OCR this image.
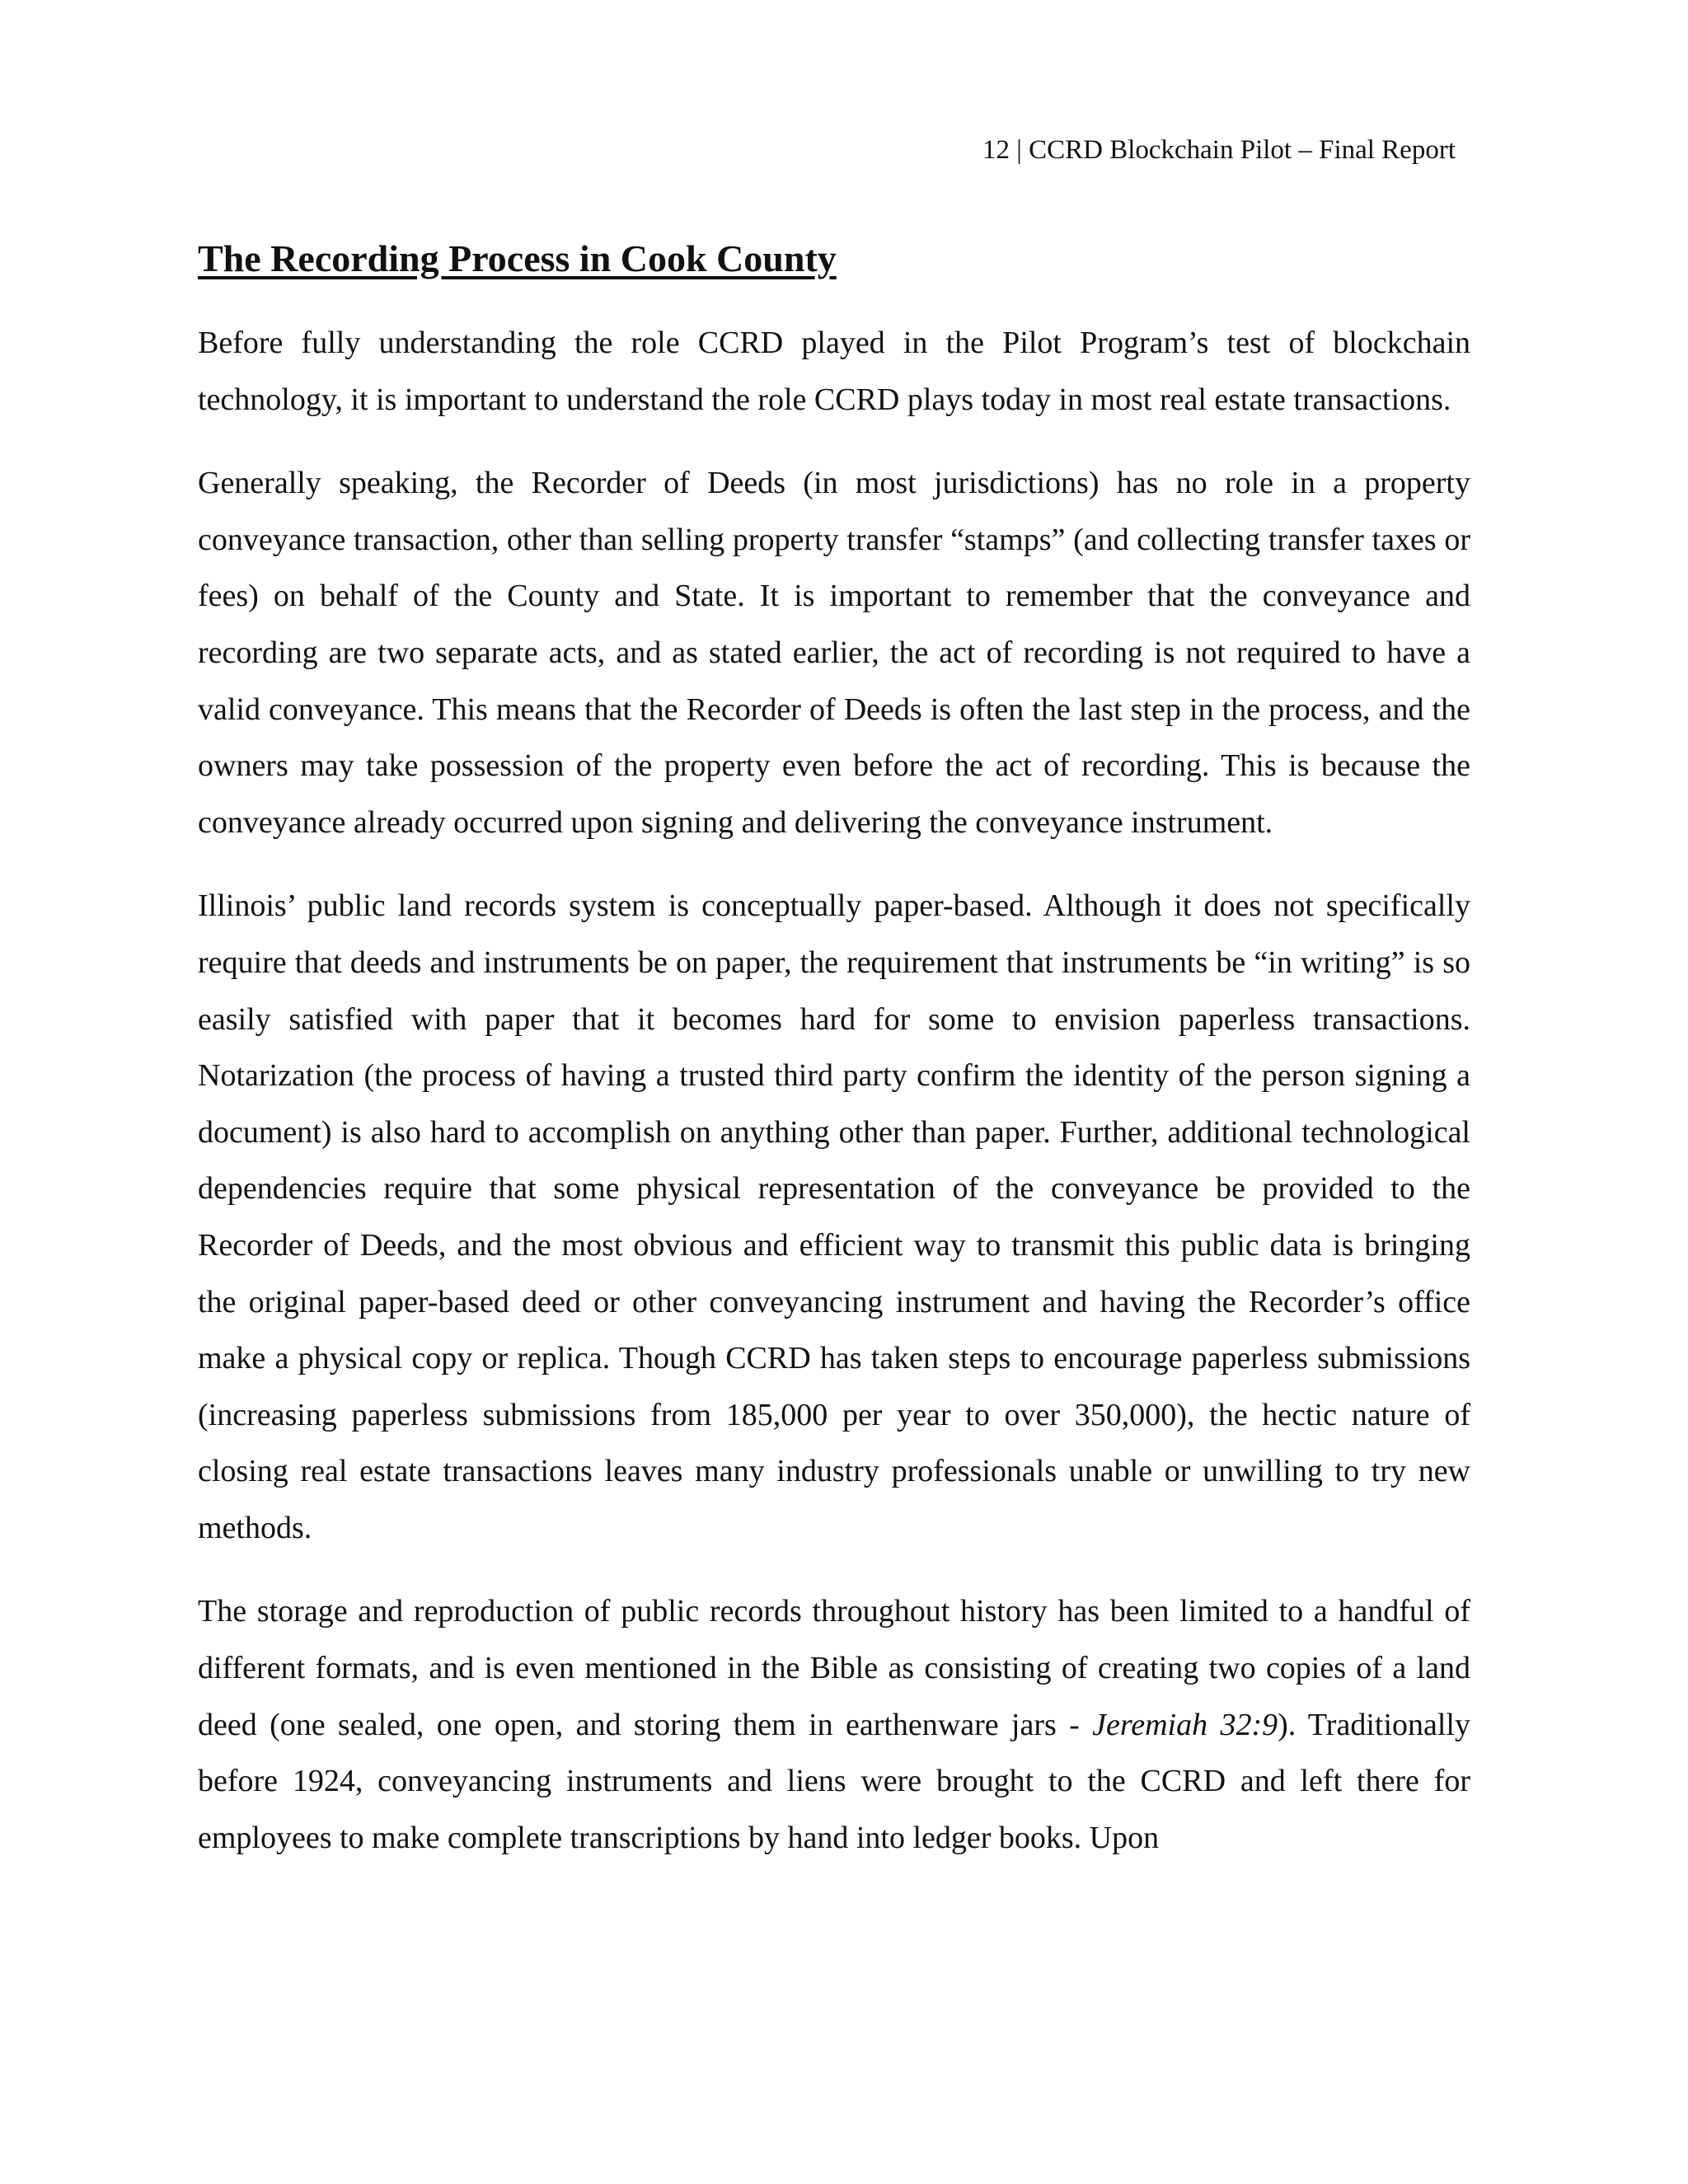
12 | CCRD Blockchain Pilot – Final Report
The Recording Process in Cook County

Before fully understanding the role CCRD played in the Pilot Program’s test of blockchain technology, it is important to understand the role CCRD plays today in most real estate transactions.

Generally speaking, the Recorder of Deeds (in most jurisdictions) has no role in a property conveyance transaction, other than selling property transfer “stamps” (and collecting transfer taxes or fees) on behalf of the County and State. It is important to remember that the conveyance and recording are two separate acts, and as stated earlier, the act of recording is not required to have a valid conveyance. This means that the Recorder of Deeds is often the last step in the process, and the owners may take possession of the property even before the act of recording. This is because the conveyance already occurred upon signing and delivering the conveyance instrument.

Illinois’ public land records system is conceptually paper-based. Although it does not specifically require that deeds and instruments be on paper, the requirement that instruments be “in writing” is so easily satisfied with paper that it becomes hard for some to envision paperless transactions. Notarization (the process of having a trusted third party confirm the identity of the person signing a document) is also hard to accomplish on anything other than paper. Further, additional technological dependencies require that some physical representation of the conveyance be provided to the Recorder of Deeds, and the most obvious and efficient way to transmit this public data is bringing the original paper-based deed or other conveyancing instrument and having the Recorder’s office make a physical copy or replica. Though CCRD has taken steps to encourage paperless submissions (increasing paperless submissions from 185,000 per year to over 350,000), the hectic nature of closing real estate transactions leaves many industry professionals unable or unwilling to try new methods.

The storage and reproduction of public records throughout history has been limited to a handful of different formats, and is even mentioned in the Bible as consisting of creating two copies of a land deed (one sealed, one open, and storing them in earthenware jars - Jeremiah 32:9). Traditionally before 1924, conveyancing instruments and liens were brought to the CCRD and left there for employees to make complete transcriptions by hand into ledger books. Upon
